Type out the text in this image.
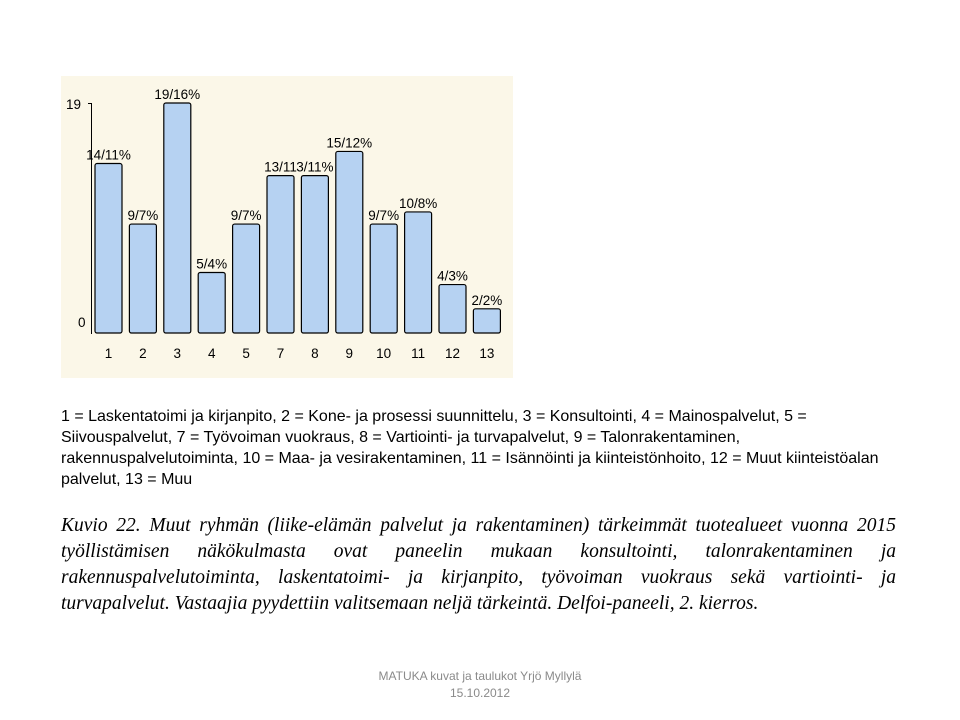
19
0
14/11%
1
9/7%
2
19/16%
3
5/4%
4
9/7%
5
13/11
7
3/11%
8
15/12%
9
9/7%
10
10/8%
11
4/3%
12
2/2%
13

1 = Laskentatoimi ja kirjanpito, 2 = Kone- ja prosessi suunnittelu, 3 = Konsultointi, 4 = Mainospalvelut, 5 = Siivouspalvelut, 7 = Työvoiman vuokraus, 8 = Vartiointi- ja turvapalvelut, 9 = Talonrakentaminen, rakennuspalvelutoiminta, 10 = Maa- ja vesirakentaminen, 11 = Isännöinti ja kiinteistönhoito, 12 = Muut kiinteistöalan palvelut, 13 = Muu

Kuvio 22. Muut ryhmän (liike-elämän palvelut ja rakentaminen) tärkeimmät tuotealueet vuonna 2015 työllistämisen näkökulmasta ovat paneelin mukaan konsultointi, talonrakentaminen ja rakennuspalvelutoiminta, laskentatoimi- ja kirjanpito, työvoiman vuokraus sekä vartiointi- ja turvapalvelut. Vastaajia pyydettiin valitsemaan neljä tärkeintä. Delfoi-paneeli, 2. kierros.

MATUKA kuvat ja taulukot Yrjö Myllylä
15.10.2012
